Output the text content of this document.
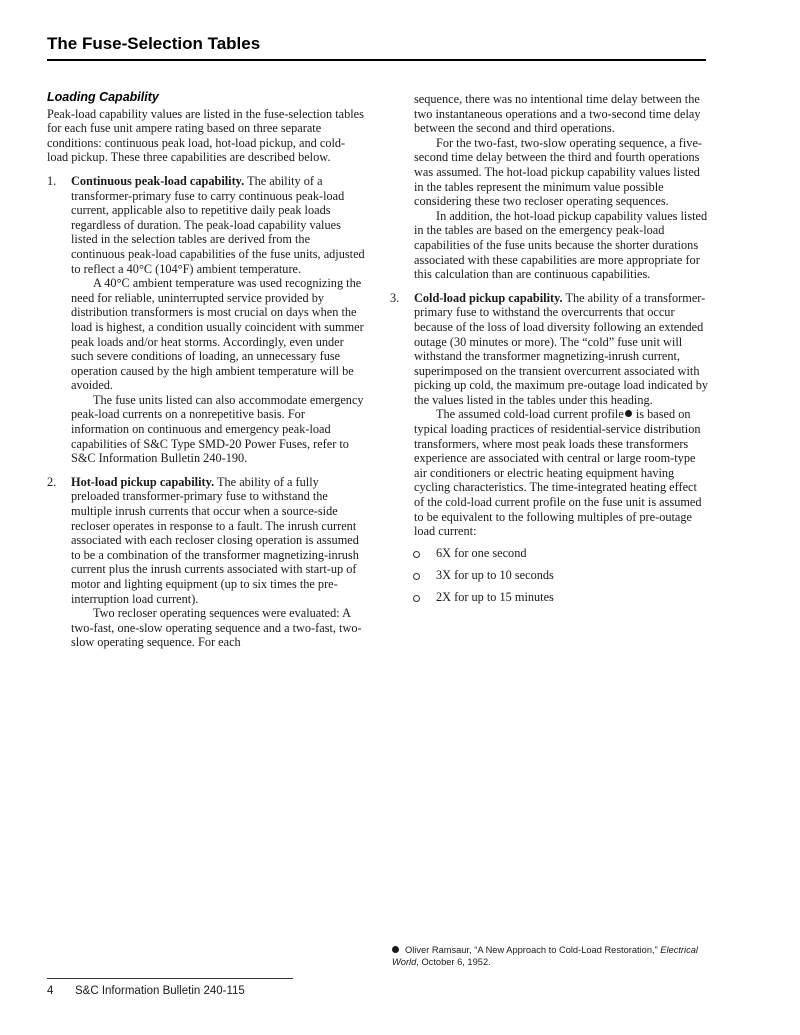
The Fuse-Selection Tables
Loading Capability

Peak-load capability values are listed in the fuse-selection tables for each fuse unit ampere rating based on three separate conditions: continuous peak load, hot-load pickup, and cold-load pickup. These three capabilities are described below.

1. Continuous peak-load capability. The ability of a transformer-primary fuse to carry continuous peak-load current, applicable also to repetitive daily peak loads regardless of duration. The peak-load capability values listed in the selection tables are derived from the continuous peak-load capabilities of the fuse units, adjusted to reflect a 40°C (104°F) ambient temperature.

A 40°C ambient temperature was used recognizing the need for reliable, uninterrupted service provided by distribution transformers is most crucial on days when the load is highest, a condition usually coincident with summer peak loads and/or heat storms. Accordingly, even under such severe conditions of loading, an unnecessary fuse operation caused by the high ambient temperature will be avoided.

The fuse units listed can also accommodate emergency peak-load currents on a nonrepetitive basis. For information on continuous and emergency peak-load capabilities of S&C Type SMD-20 Power Fuses, refer to S&C Information Bulletin 240-190.

2. Hot-load pickup capability. The ability of a fully preloaded transformer-primary fuse to withstand the multiple inrush currents that occur when a source-side recloser operates in response to a fault. The inrush current associated with each recloser closing operation is assumed to be a combination of the transformer magnetizing-inrush current plus the inrush currents associated with start-up of motor and lighting equipment (up to six times the pre-interruption load current).

Two recloser operating sequences were evaluated: A two-fast, one-slow operating sequence and a two-fast, two-slow operating sequence. For each

sequence, there was no intentional time delay between the two instantaneous operations and a two-second time delay between the second and third operations.

For the two-fast, two-slow operating sequence, a five-second time delay between the third and fourth operations was assumed. The hot-load pickup capability values listed in the tables represent the minimum value possible considering these two recloser operating sequences.

In addition, the hot-load pickup capability values listed in the tables are based on the emergency peak-load capabilities of the fuse units because the shorter durations associated with these capabilities are more appropriate for this calculation than are continuous capabilities.

3. Cold-load pickup capability. The ability of a transformer-primary fuse to withstand the overcurrents that occur because of the loss of load diversity following an extended outage (30 minutes or more). The “cold” fuse unit will withstand the transformer magnetizing-inrush current, superimposed on the transient overcurrent associated with picking up cold, the maximum pre-outage load indicated by the values listed in the tables under this heading.

The assumed cold-load current profile is based on typical loading practices of residential-service distribution transformers, where most peak loads these transformers experience are associated with central or large room-type air conditioners or electric heating equipment having cycling characteristics. The time-integrated heating effect of the cold-load current profile on the fuse unit is assumed to be equivalent to the following multiples of pre-outage load current:

6X for one second
3X for up to 10 seconds
2X for up to 15 minutes
Oliver Ramsaur, “A New Approach to Cold-Load Restoration,” Electrical World, October 6, 1952.
4 S&C Information Bulletin 240-115
